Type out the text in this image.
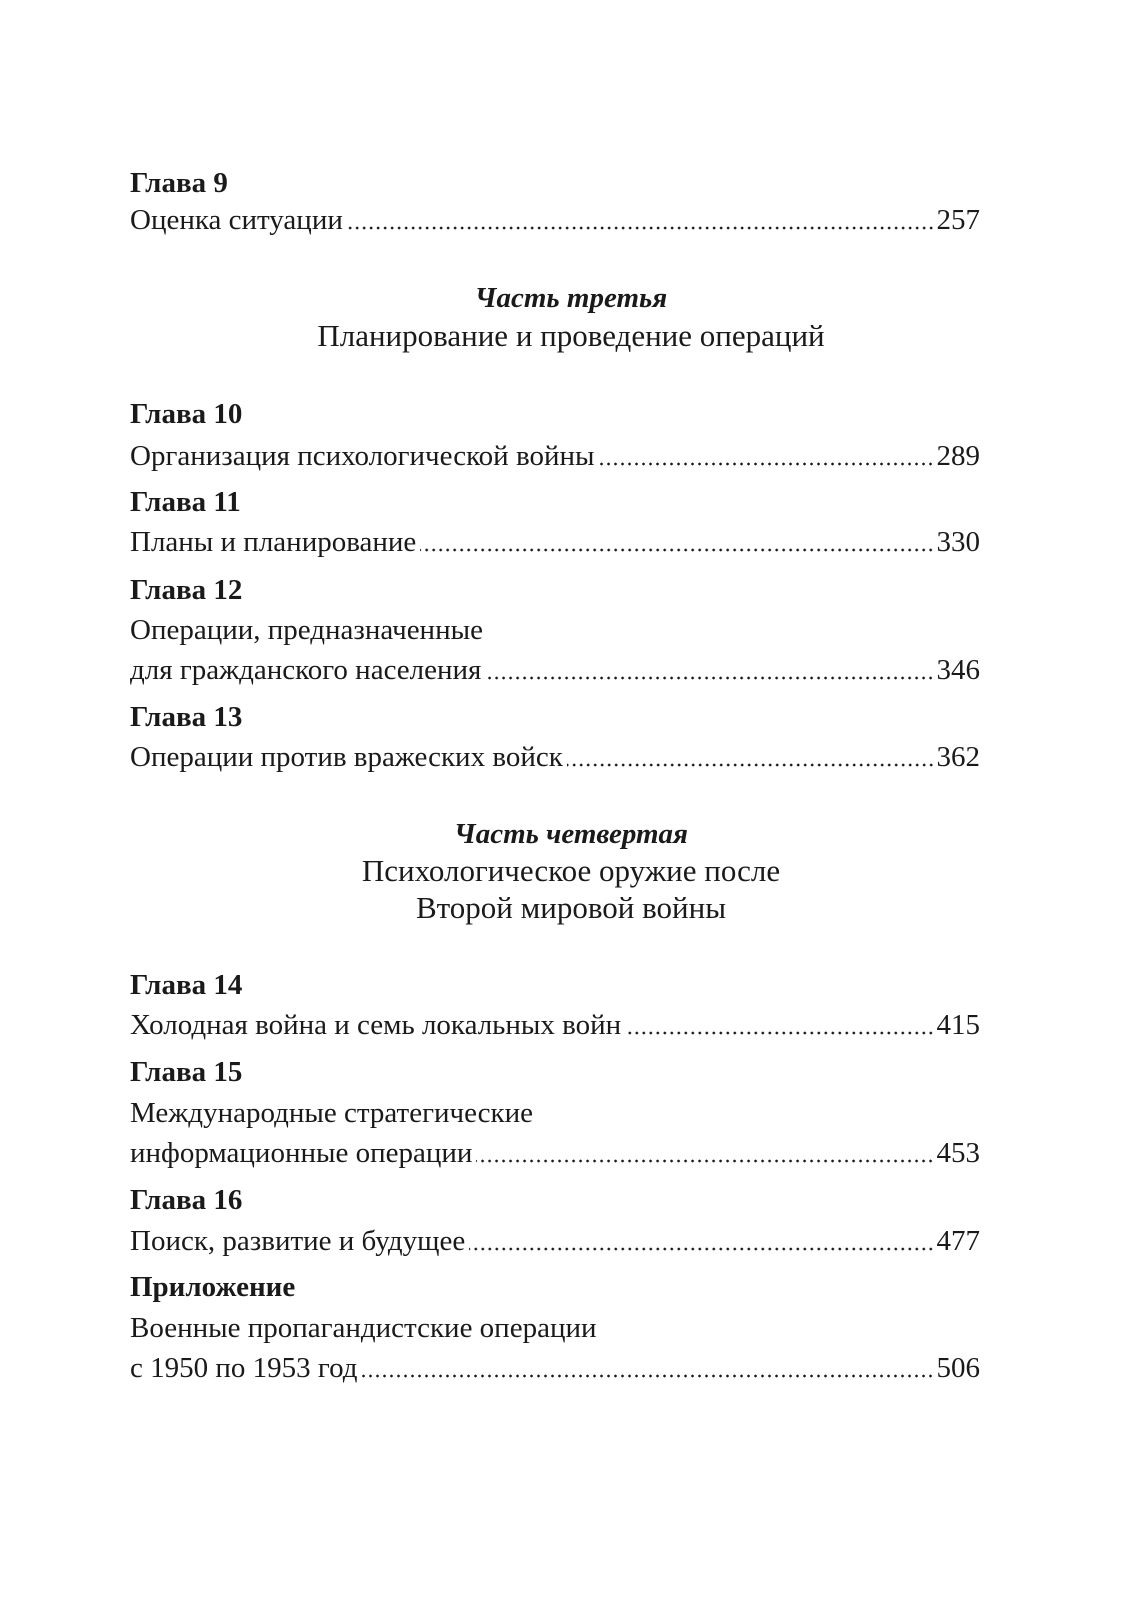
Глава 9
Оценка ситуации	257
Часть третья
Планирование и проведение операций
Глава 10
Организация психологической войны	289
Глава 11
Планы и планирование	330
Глава 12
Операции, предназначенные
для гражданского населения	346
Глава 13
Операции против вражеских войск	362
Часть четвертая
Психологическое оружие после
Второй мировой войны
Глава 14
Холодная война и семь локальных войн	415
Глава 15
Международные стратегические
информационные операции	453
Глава 16
Поиск, развитие и будущее	477
Приложение
Военные пропагандистские операции
с 1950 по 1953 год	506
